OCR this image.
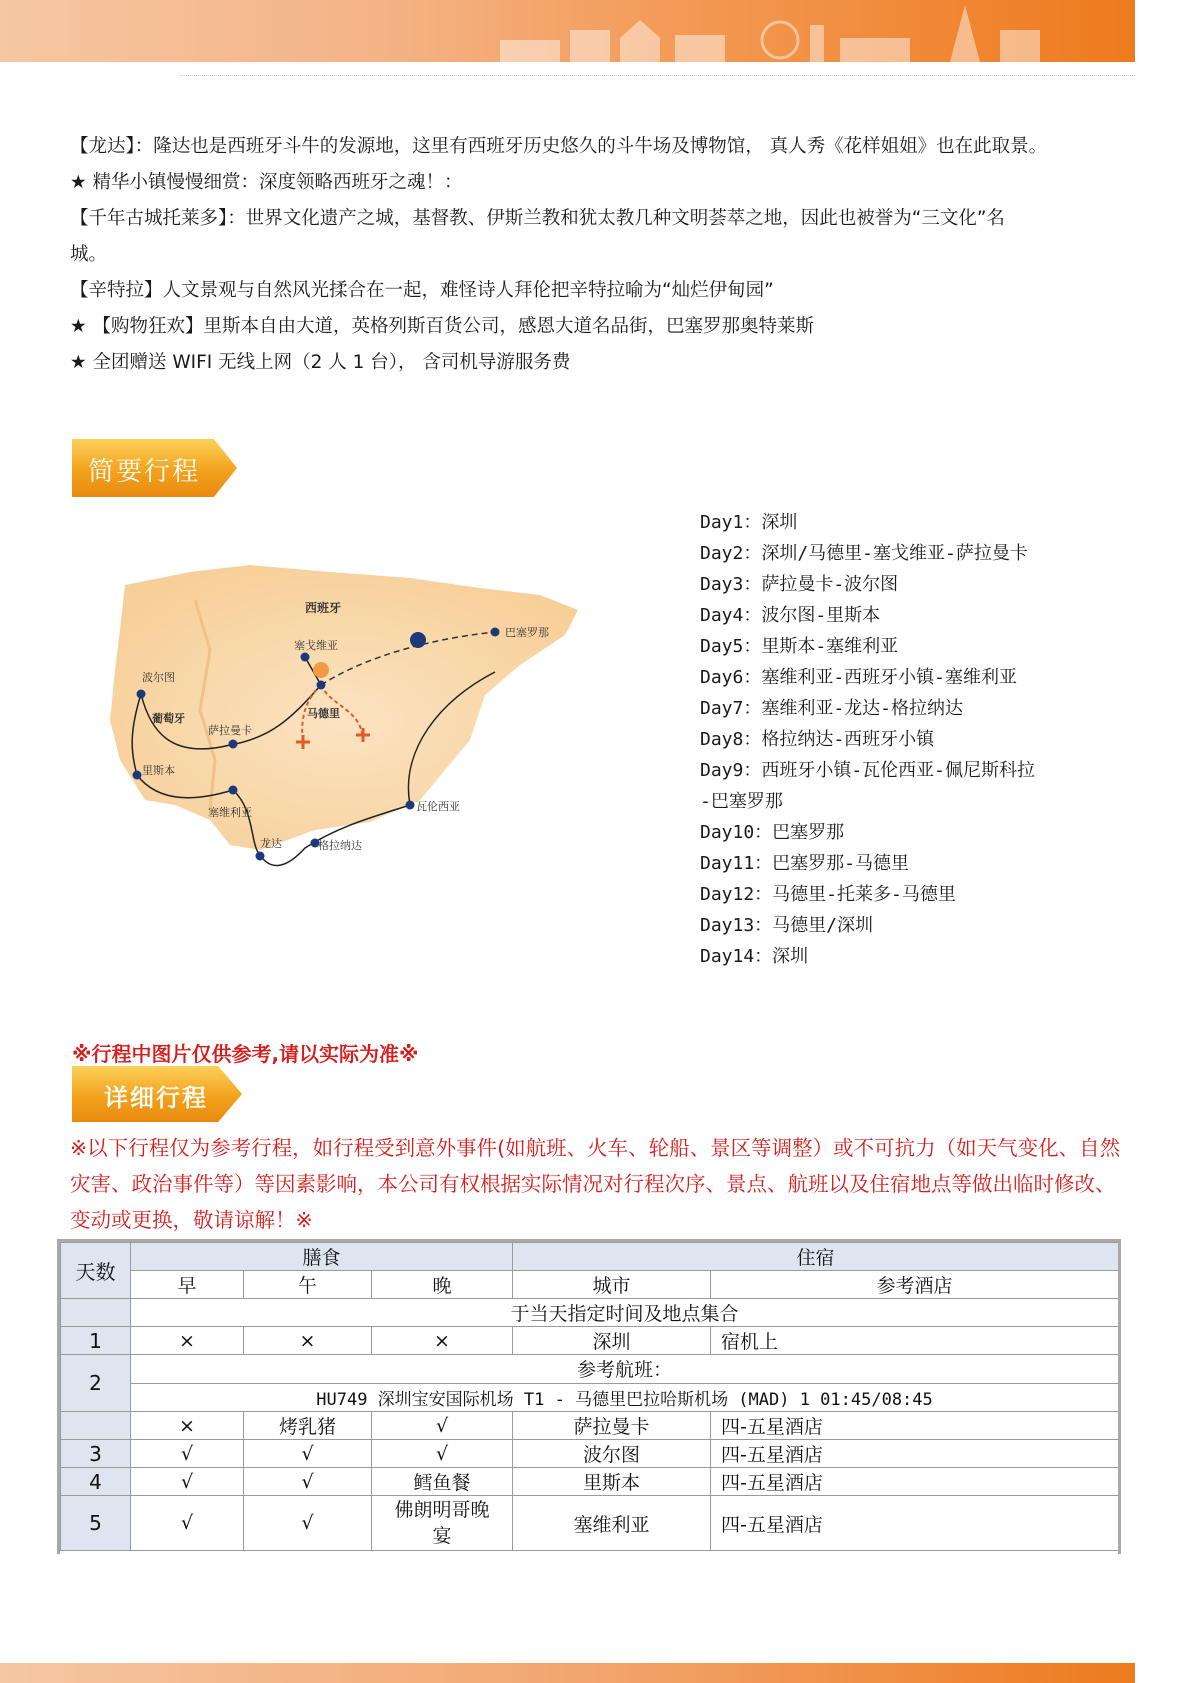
【龙达】：隆达也是西班牙斗牛的发源地，这里有西班牙历史悠久的斗牛场及博物馆， 真人秀《花样姐姐》也在此取景。
★ 精华小镇慢慢细赏：深度领略西班牙之魂！：
【千年古城托莱多】：世界文化遗产之城，基督教、伊斯兰教和犹太教几种文明荟萃之地，因此也被誉为“三文化”名
城。
【辛特拉】人文景观与自然风光揉合在一起，难怪诗人拜伦把辛特拉喻为“灿烂伊甸园”
★ 【购物狂欢】里斯本自由大道，英格列斯百货公司，感恩大道名品街，巴塞罗那奥特莱斯
★ 全团赠送 WIFI 无线上网（2 人 1 台）， 含司机导游服务费
简要行程
西班牙
葡萄牙
波尔图
塞戈维亚
巴塞罗那
萨拉曼卡
马德里
里斯本
塞维利亚
龙达	格拉纳达
瓦伦西亚
Day1：深圳
Day2：深圳/马德里-塞戈维亚-萨拉曼卡
Day3：萨拉曼卡-波尔图
Day4：波尔图-里斯本
Day5：里斯本-塞维利亚
Day6：塞维利亚-西班牙小镇-塞维利亚
Day7：塞维利亚-龙达-格拉纳达
Day8：格拉纳达-西班牙小镇
Day9：西班牙小镇-瓦伦西亚-佩尼斯科拉
-巴塞罗那
Day10：巴塞罗那
Day11：巴塞罗那-马德里
Day12：马德里-托莱多-马德里
Day13：马德里/深圳
Day14：深圳
※行程中图片仅供参考,请以实际为准※
详细行程
※以下行程仅为参考行程，如行程受到意外事件(如航班、火车、轮船、景区等调整）或不可抗力（如天气变化、自然灾害、政治事件等）等因素影响，本公司有权根据实际情况对行程次序、景点、航班以及住宿地点等做出临时修改、变动或更换，敬请谅解！※
天数	膳食			住宿	
	早	午	晚	城市	参考酒店
	于当天指定时间及地点集合				
1	×	×	×	深圳	宿机上
2	参考航班：				
	HU749 深圳宝安国际机场 T1 - 马德里巴拉哈斯机场 (MAD) 1 01:45/08:45				
	×	烤乳猪	√	萨拉曼卡	四-五星酒店
3	√	√	√	波尔图	四-五星酒店
4	√	√	鳕鱼餐	里斯本	四-五星酒店
5	√	√	佛朗明哥晚宴	塞维利亚	四-五星酒店
